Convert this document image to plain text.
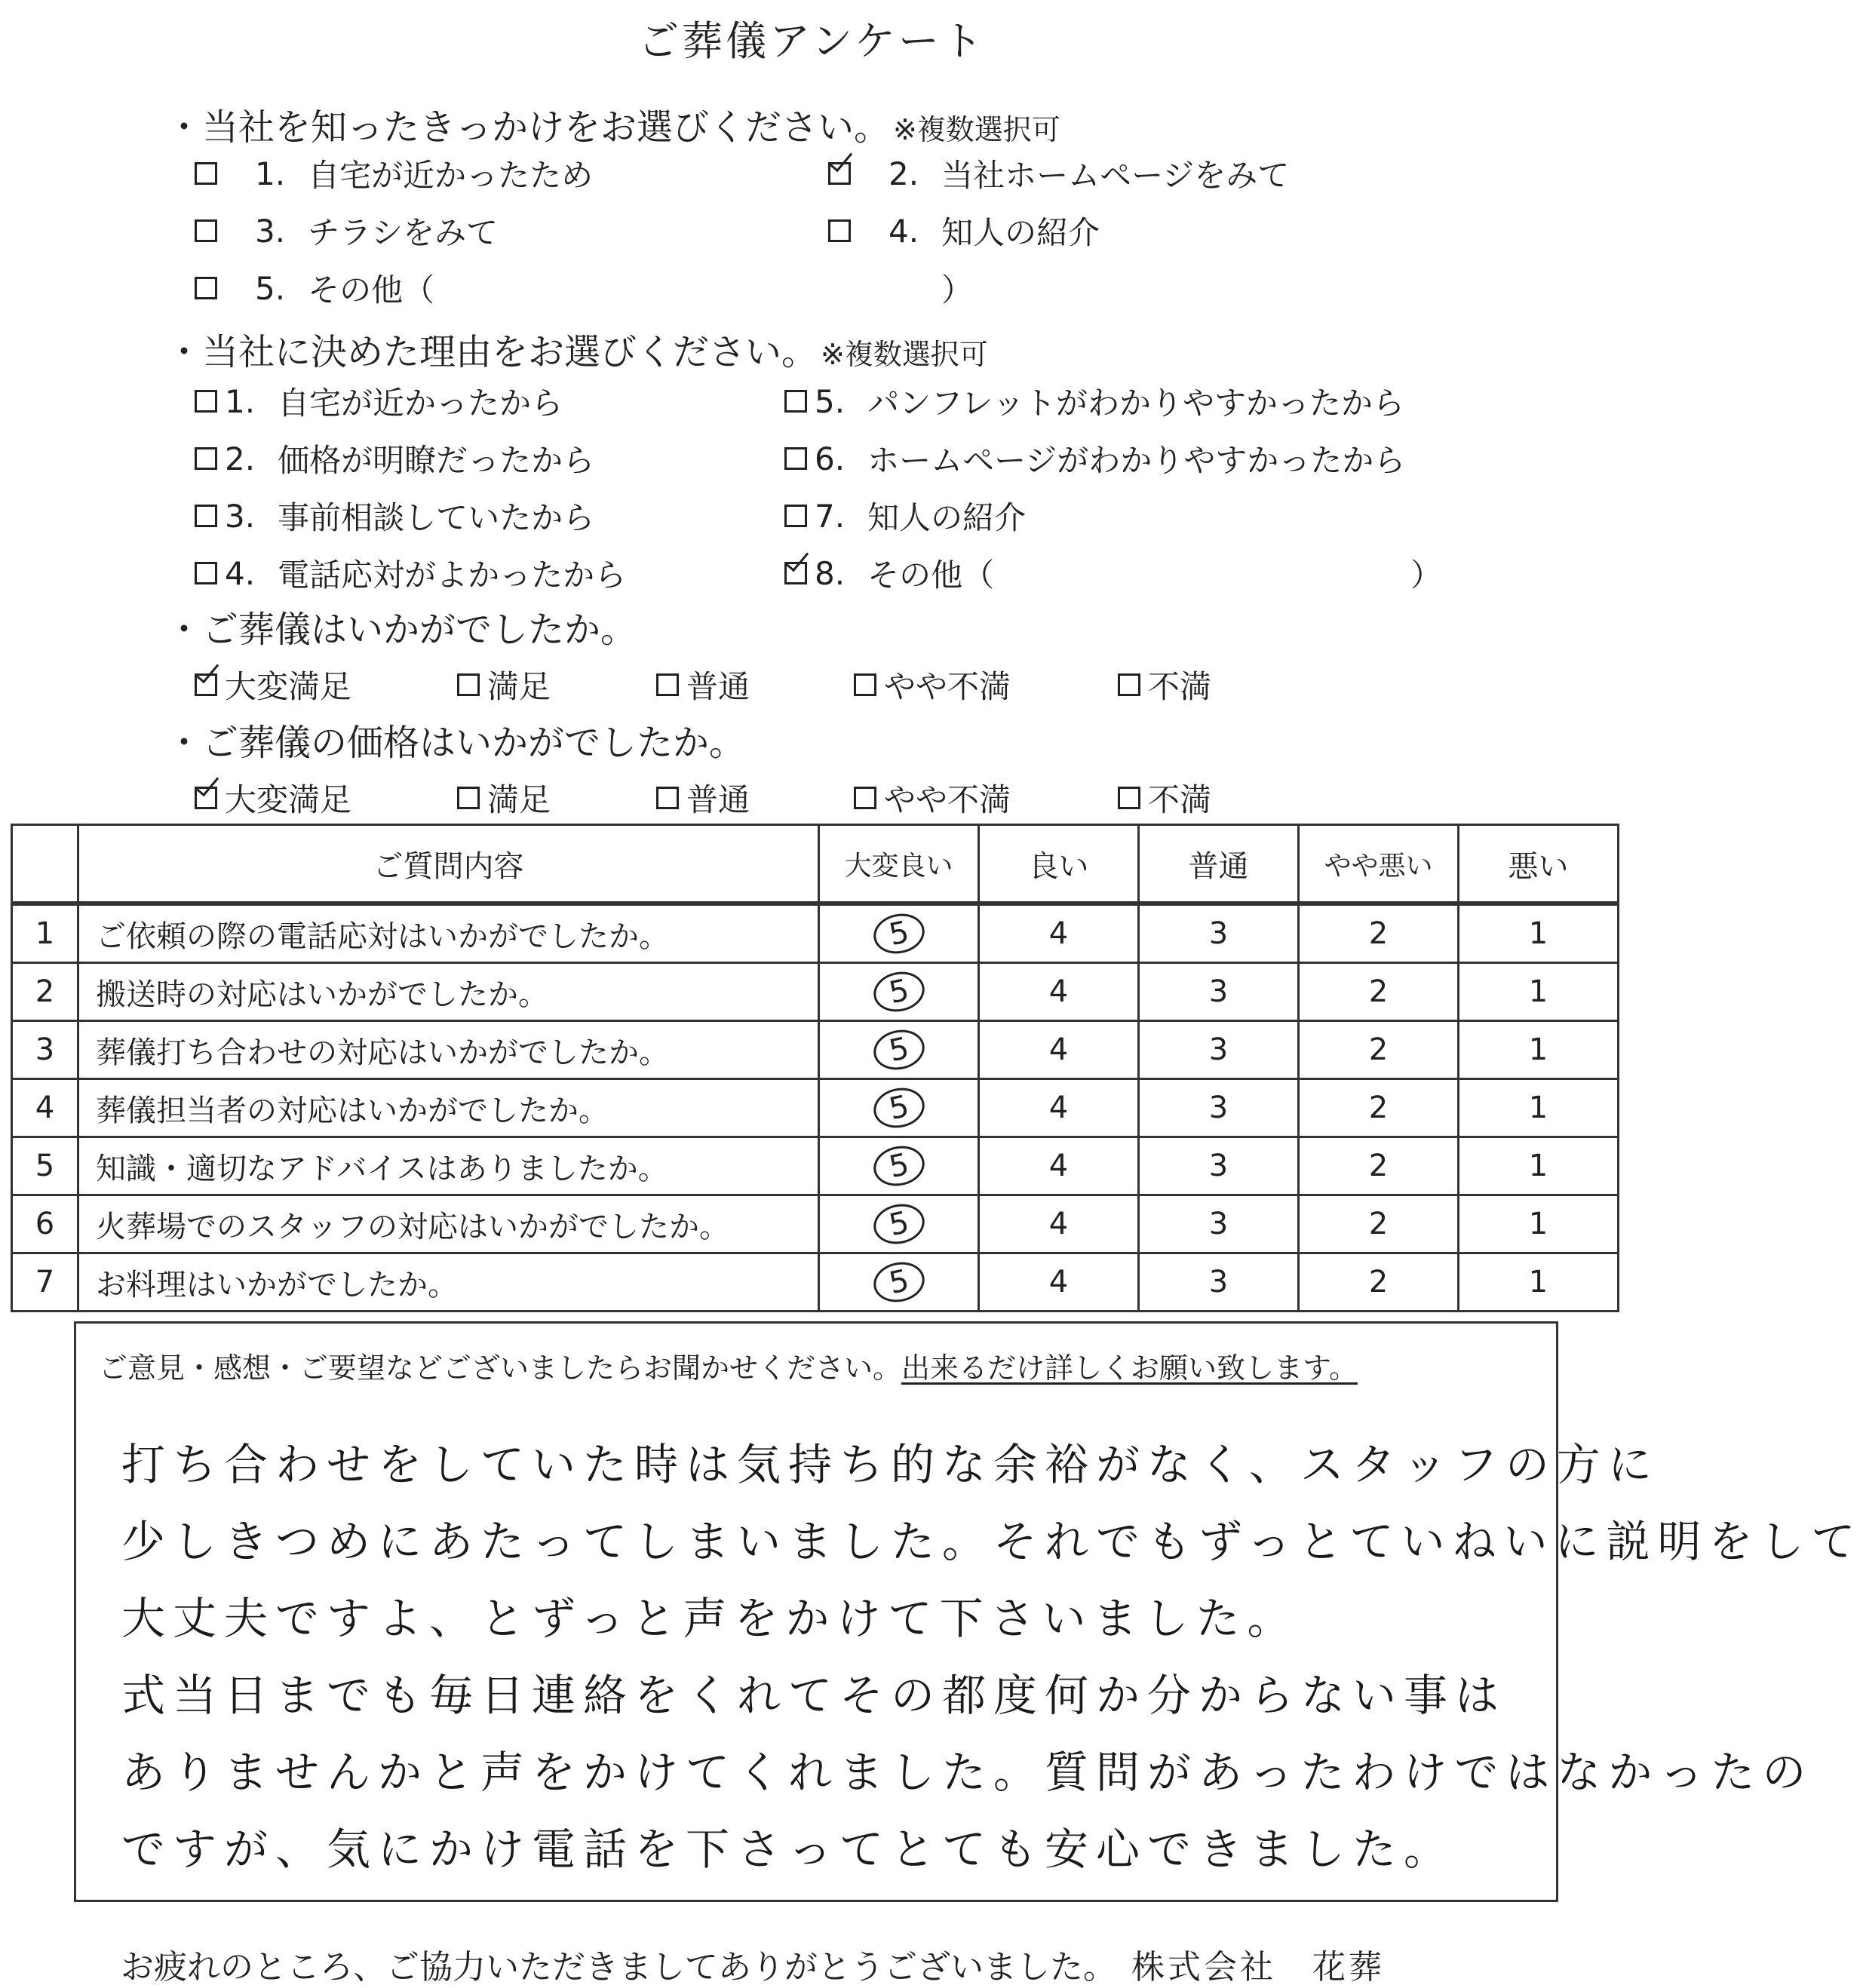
ご葬儀アンケート
・当社を知ったきっかけをお選びください。 ※複数選択可
1. 自宅が近かったため	2. 当社ホームページをみて
3. チラシをみて	4. 知人の紹介
5. その他（	）
・当社に決めた理由をお選びください。 ※複数選択可
1. 自宅が近かったから
2. 価格が明瞭だったから
3. 事前相談していたから
4. 電話応対がよかったから
5. パンフレットがわかりやすかったから
6. ホームページがわかりやすかったから
7. 知人の紹介
8. その他（	）
・ご葬儀はいかがでしたか。
大変満足	満足	普通	やや不満	不満
・ご葬儀の価格はいかがでしたか。
大変満足	満足	普通	やや不満	不満
	ご質問内容	大変良い	良い	普通	やや悪い	悪い
1	ご依頼の際の電話応対はいかがでしたか。	5	4	3	2	1
2	搬送時の対応はいかがでしたか。	5	4	3	2	1
3	葬儀打ち合わせの対応はいかがでしたか。	5	4	3	2	1
4	葬儀担当者の対応はいかがでしたか。	5	4	3	2	1
5	知識・適切なアドバイスはありましたか。	5	4	3	2	1
6	火葬場でのスタッフの対応はいかがでしたか。	5	4	3	2	1
7	お料理はいかがでしたか。	5	4	3	2	1
ご意見・感想・ご要望などございましたらお聞かせください。出来るだけ詳しくお願い致します。
打ち合わせをしていた時は気持ち的な余裕がなく、スタッフの方に
少しきつめにあたってしまいました。それでもずっとていねいに説明をして
大丈夫ですよ、とずっと声をかけて下さいました。
式当日までも毎日連絡をくれてその都度何か分からない事は
ありませんかと声をかけてくれました。質問があったわけではなかったの
ですが、気にかけ電話を下さってとても安心できました。
お疲れのところ、ご協力いただきましてありがとうございました。 株式会社　花葬
